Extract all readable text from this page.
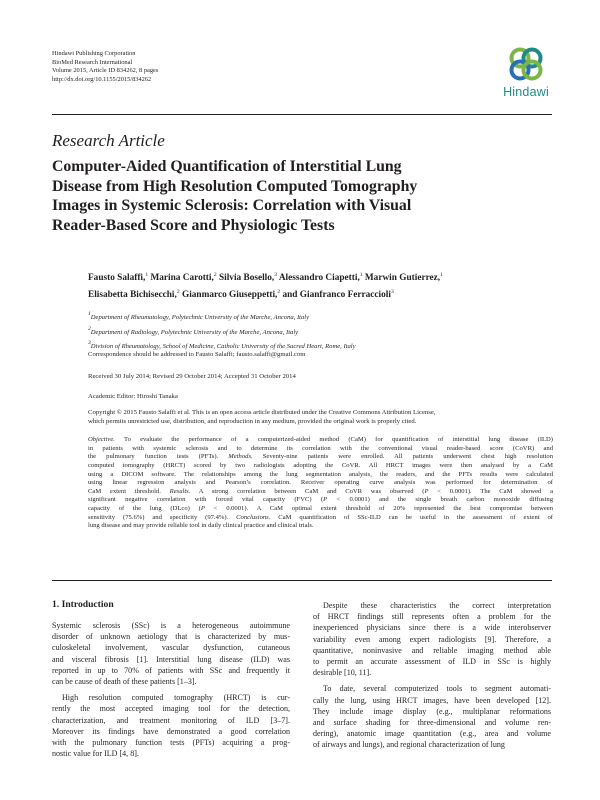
Hindawi Publishing Corporation
BioMed Research International
Volume 2015, Article ID 834262, 8 pages
http://dx.doi.org/10.1155/2015/834262
Hindawi
Research Article
Computer-Aided Quantification of Interstitial Lung
Disease from High Resolution Computed Tomography
Images in Systemic Sclerosis: Correlation with Visual
Reader-Based Score and Physiologic Tests
Fausto Salaffi,$^1$ Marina Carotti,$^2$ Silvia Bosello,$^3$ Alessandro Ciapetti,$^1$ Marwin Gutierrez,$^1$
Elisabetta Bichisecchi,$^2$ Gianmarco Giuseppetti,$^2$ and Gianfranco Ferraccioli$^3$
$^1$Department of Rheumatology, Polytechnic University of the Marche, Ancona, Italy
$^2$Department of Radiology, Polytechnic University of the Marche, Ancona, Italy
$^3$Division of Rheumatology, School of Medicine, Catholic University of the Sacred Heart, Rome, Italy
Correspondence should be addressed to Fausto Salaffi; fausto.salaffi@gmail.com
Received 30 July 2014; Revised 29 October 2014; Accepted 31 October 2014
Academic Editor: Hiroshi Tanaka
Copyright © 2015 Fausto Salaffi et al. This is an open access article distributed under the Creative Commons Attribution License,
which permits unrestricted use, distribution, and reproduction in any medium, provided the original work is properly cited.
Objective. To evaluate the performance of a computerized-aided method (CaM) for quantification of interstitial lung disease (ILD)
in patients with systemic sclerosis and to determine its correlation with the conventional visual reader-based score (CoVR) and
the pulmonary function tests (PFTs). Methods. Seventy-nine patients were enrolled. All patients underwent chest high resolution
computed tomography (HRCT) scored by two radiologists adopting the CoVR. All HRCT images were then analysed by a CaM
using a DICOM software. The relationships among the lung segmentation analysis, the readers, and the PFTs results were calculated
using linear regression analysis and Pearson’s correlation. Receiver operating curve analysis was performed for determination of
CaM extent threshold. Results. A strong correlation between CaM and CoVR was observed (P < 0.0001). The CaM showed a
significant negative correlation with forced vital capacity (FVC) (P < 0.0001) and the single breath carbon monoxide diffusing
capacity of the lung (DLco) (P < 0.0001). A CaM optimal extent threshold of 20% represented the best compromise between
sensitivity (75.6%) and specificity (97.4%). Conclusions. CaM quantification of SSc-ILD can be useful in the assessment of extent of
lung disease and may provide reliable tool in daily clinical practice and clinical trials.
1. Introduction
Systemic sclerosis (SSc) is a heterogeneous autoimmune
disorder of unknown aetiology that is characterized by mus-
culoskeletal involvement, vascular dysfunction, cutaneous
and visceral fibrosis [1]. Interstitial lung disease (ILD) was
reported in up to 70% of patients with SSc and frequently it
can be cause of death of these patients [1–3].
High resolution computed tomography (HRCT) is cur-
rently the most accepted imaging tool for the detection,
characterization, and treatment monitoring of ILD [3–7].
Moreover its findings have demonstrated a good correlation
with the pulmonary function tests (PFTs) acquiring a prog-
nostic value for ILD [4, 8].
Despite these characteristics the correct interpretation
of HRCT findings still represents often a problem for the
inexperienced physicians since there is a wide interobserver
variability even among expert radiologists [9]. Therefore, a
quantitative, noninvasive and reliable imaging method able
to permit an accurate assessment of ILD in SSc is highly
desirable [10, 11].
To date, several computerized tools to segment automati-
cally the lung, using HRCT images, have been developed [12].
They include image display (e.g., multiplanar reformations
and surface shading for three-dimensional and volume ren-
dering), anatomic image quantitation (e.g., area and volume
of airways and lungs), and regional characterization of lung
